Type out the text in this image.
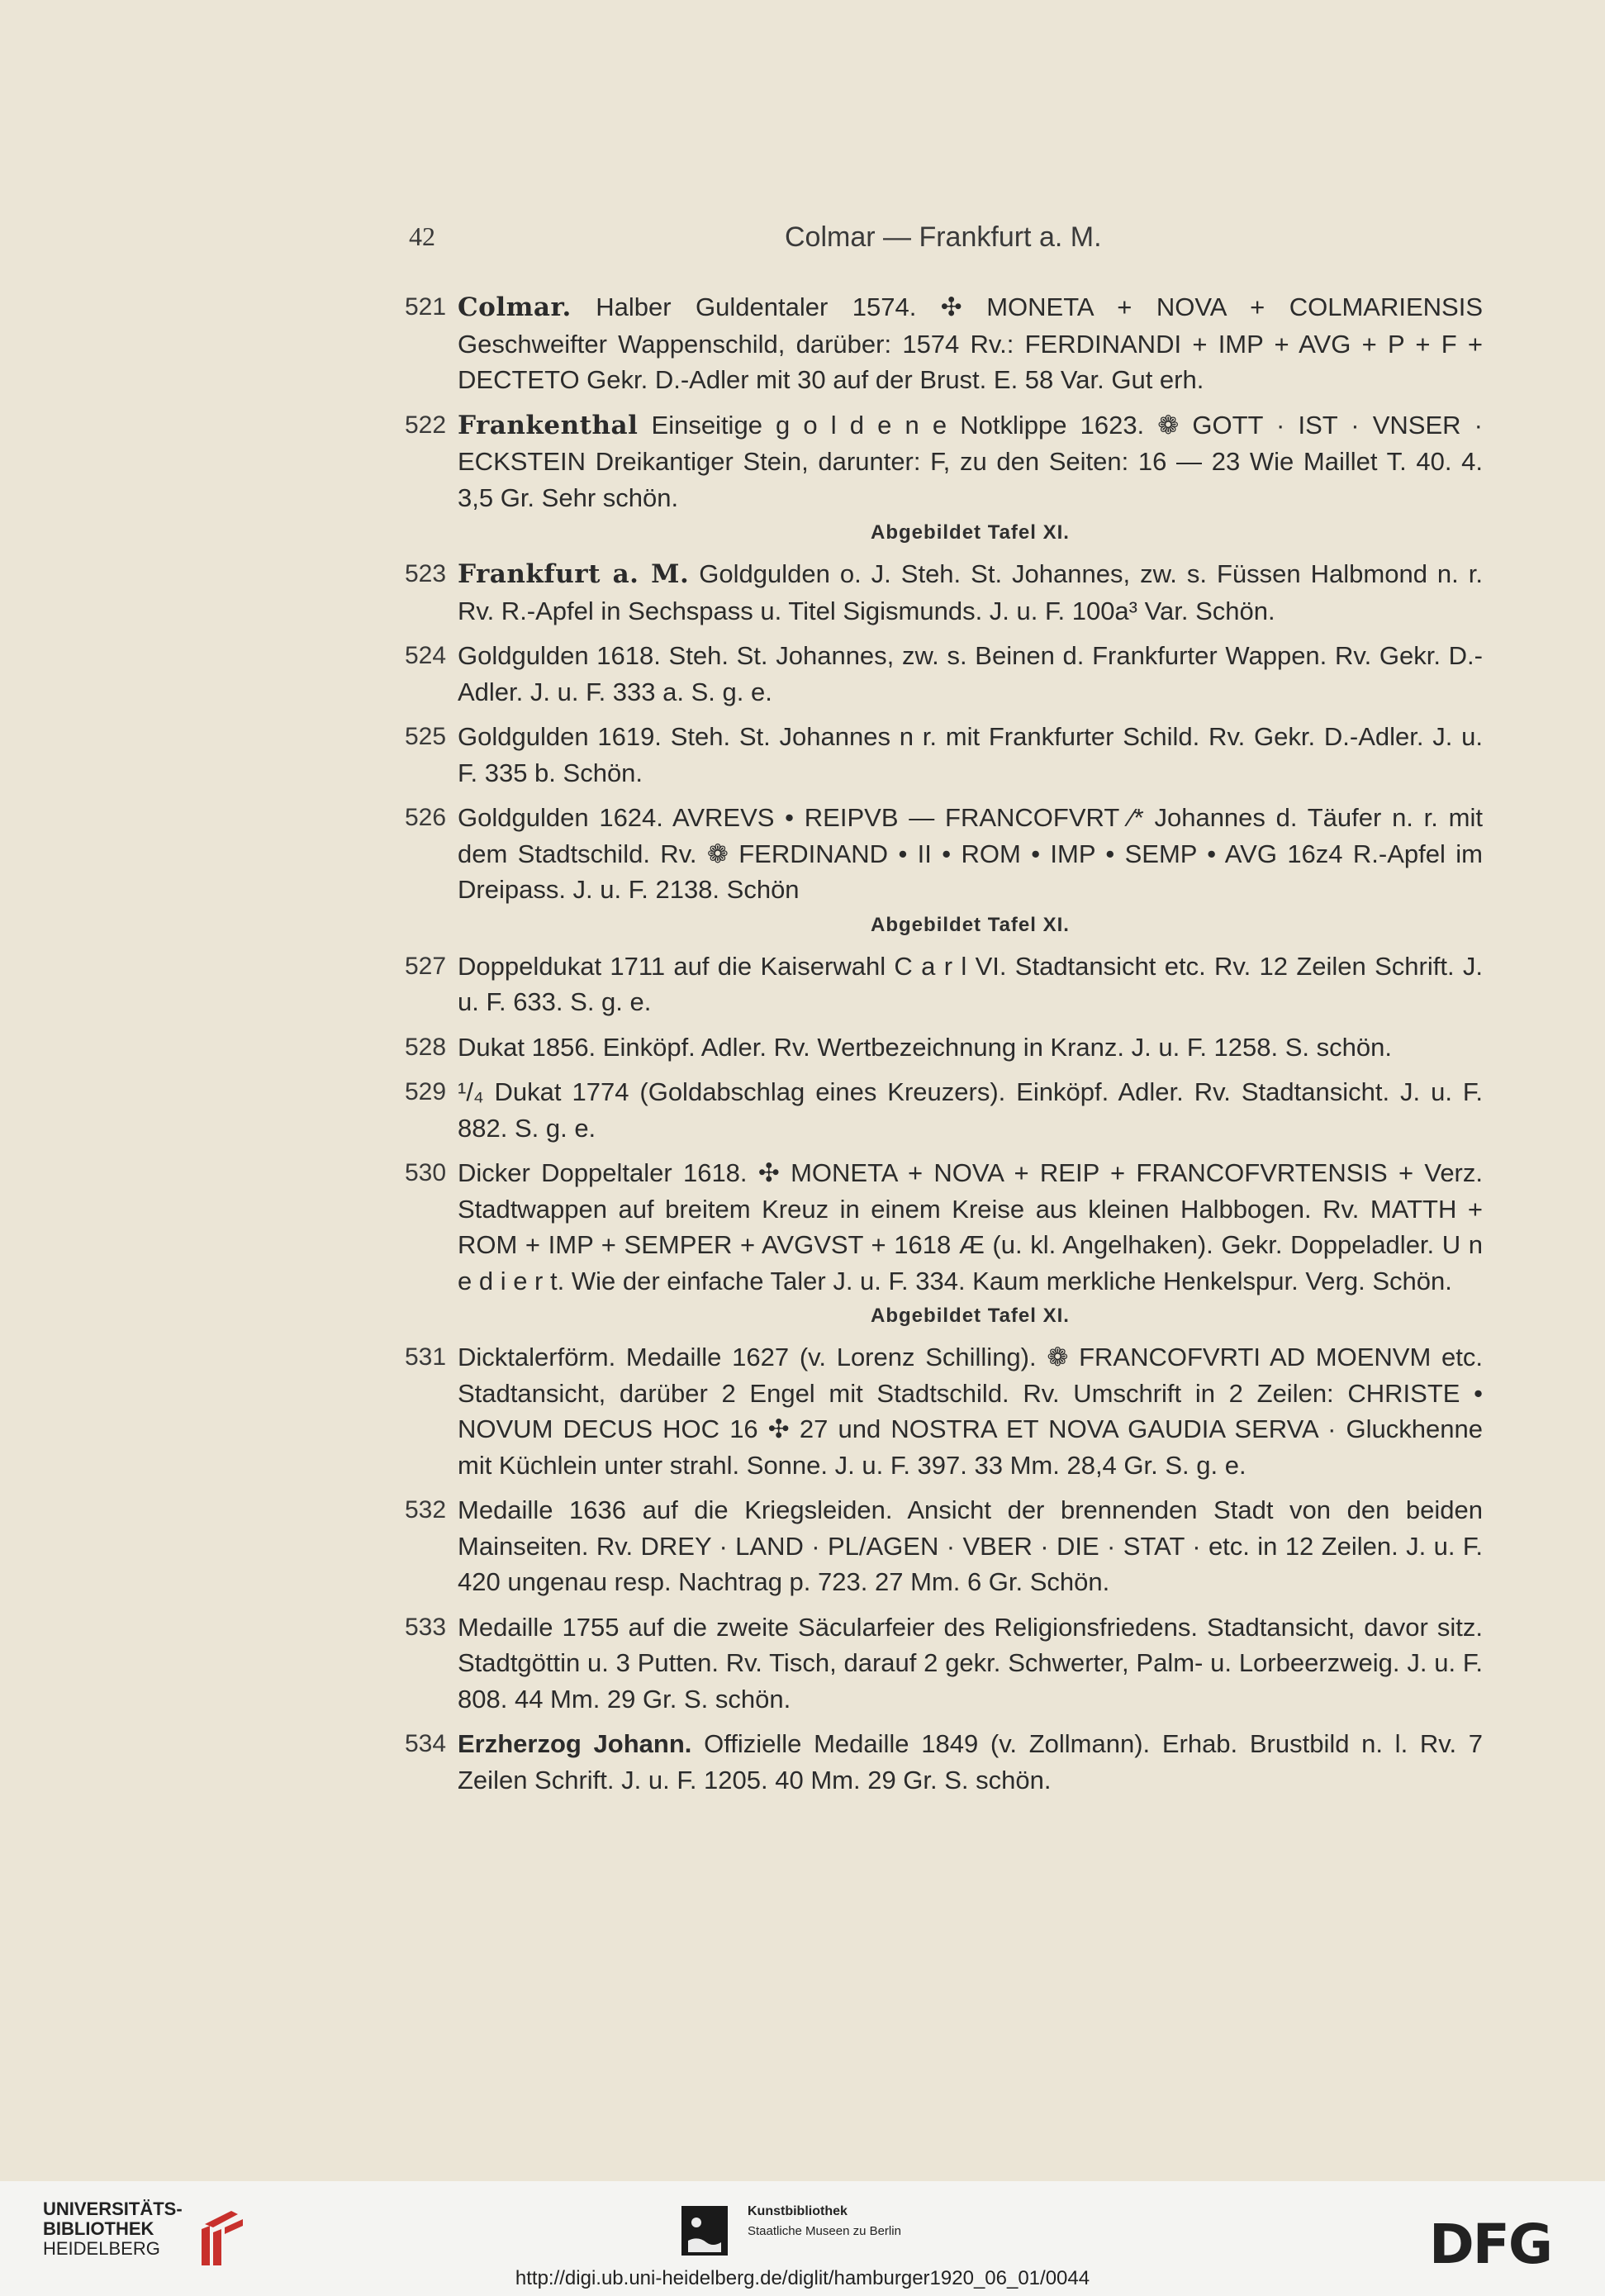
42	Colmar — Frankfurt a. M.
521 Colmar. Halber Guldentaler 1574. ✣ MONETA + NOVA + COLMARIENSIS Geschweifter Wappenschild, darüber: 1574 Rv.: FERDINANDI + IMP + AVG + P + F + DECTETO Gekr. D.-Adler mit 30 auf der Brust. E. 58 Var. Gut erh.
522 Frankenthal Einseitige g o l d e n e Notklippe 1623. ❁ GOTT · IST · VNSER · ECKSTEIN Dreikantiger Stein, darunter: F, zu den Seiten: 16 — 23 Wie Maillet T. 40. 4. 3,5 Gr. Sehr schön.
Abgebildet Tafel XI.
523 Frankfurt a. M. Goldgulden o. J. Steh. St. Johannes, zw. s. Füssen Halbmond n. r. Rv. R.-Apfel in Sechspass u. Titel Sigismunds. J. u. F. 100a³ Var. Schön.
524 Goldgulden 1618. Steh. St. Johannes, zw. s. Beinen d. Frankfurter Wappen. Rv. Gekr. D.-Adler. J. u. F. 333 a. S. g. e.
525 Goldgulden 1619. Steh. St. Johannes n r. mit Frankfurter Schild. Rv. Gekr. D.-Adler. J. u. F. 335 b. Schön.
526 Goldgulden 1624. AVREVS • REIPVB — FRANCOFVRT ⁄* Johannes d. Täufer n. r. mit dem Stadtschild. Rv. ❁ FERDINAND • II • ROM • IMP • SEMP • AVG 16z4 R.-Apfel im Dreipass. J. u. F. 2138. Schön
Abgebildet Tafel XI.
527 Doppeldukat 1711 auf die Kaiserwahl C a r l VI. Stadtansicht etc. Rv. 12 Zeilen Schrift. J. u. F. 633. S. g. e.
528 Dukat 1856. Einköpf. Adler. Rv. Wertbezeichnung in Kranz. J. u. F. 1258. S. schön.
529 ¹/₄ Dukat 1774 (Goldabschlag eines Kreuzers). Einköpf. Adler. Rv. Stadtansicht. J. u. F. 882. S. g. e.
530 Dicker Doppeltaler 1618. ✣ MONETA + NOVA + REIP + FRANCOFVRTENSIS + Verz. Stadtwappen auf breitem Kreuz in einem Kreise aus kleinen Halbbogen. Rv. MATTH + ROM + IMP + SEMPER + AVGVST + 1618 Æ (u. kl. Angelhaken). Gekr. Doppeladler. U n e d i e r t. Wie der einfache Taler J. u. F. 334. Kaum merkliche Henkelspur. Verg. Schön.
Abgebildet Tafel XI.
531 Dicktalerförm. Medaille 1627 (v. Lorenz Schilling). ❁ FRANCOFVRTI AD MOENVM etc. Stadtansicht, darüber 2 Engel mit Stadtschild. Rv. Umschrift in 2 Zeilen: CHRISTE • NOVUM DECUS HOC 16 ✣ 27 und NOSTRA ET NOVA GAUDIA SERVA · Gluckhenne mit Küchlein unter strahl. Sonne. J. u. F. 397. 33 Mm. 28,4 Gr. S. g. e.
532 Medaille 1636 auf die Kriegsleiden. Ansicht der brennenden Stadt von den beiden Mainseiten. Rv. DREY · LAND · PL/AGEN · VBER · DIE · STAT · etc. in 12 Zeilen. J. u. F. 420 ungenau resp. Nachtrag p. 723. 27 Mm. 6 Gr. Schön.
533 Medaille 1755 auf die zweite Säcularfeier des Religionsfriedens. Stadtansicht, davor sitz. Stadtgöttin u. 3 Putten. Rv. Tisch, darauf 2 gekr. Schwerter, Palm- u. Lorbeerzweig. J. u. F. 808. 44 Mm. 29 Gr. S. schön.
534 Erzherzog Johann. Offizielle Medaille 1849 (v. Zollmann). Erhab. Brustbild n. l. Rv. 7 Zeilen Schrift. J. u. F. 1205. 40 Mm. 29 Gr. S. schön.
UNIVERSITÄTS-
BIBLIOTHEK
HEIDELBERG
Kunstbibliothek
Staatliche Museen zu Berlin	DFG
http://digi.ub.uni-heidelberg.de/diglit/hamburger1920_06_01/0044
